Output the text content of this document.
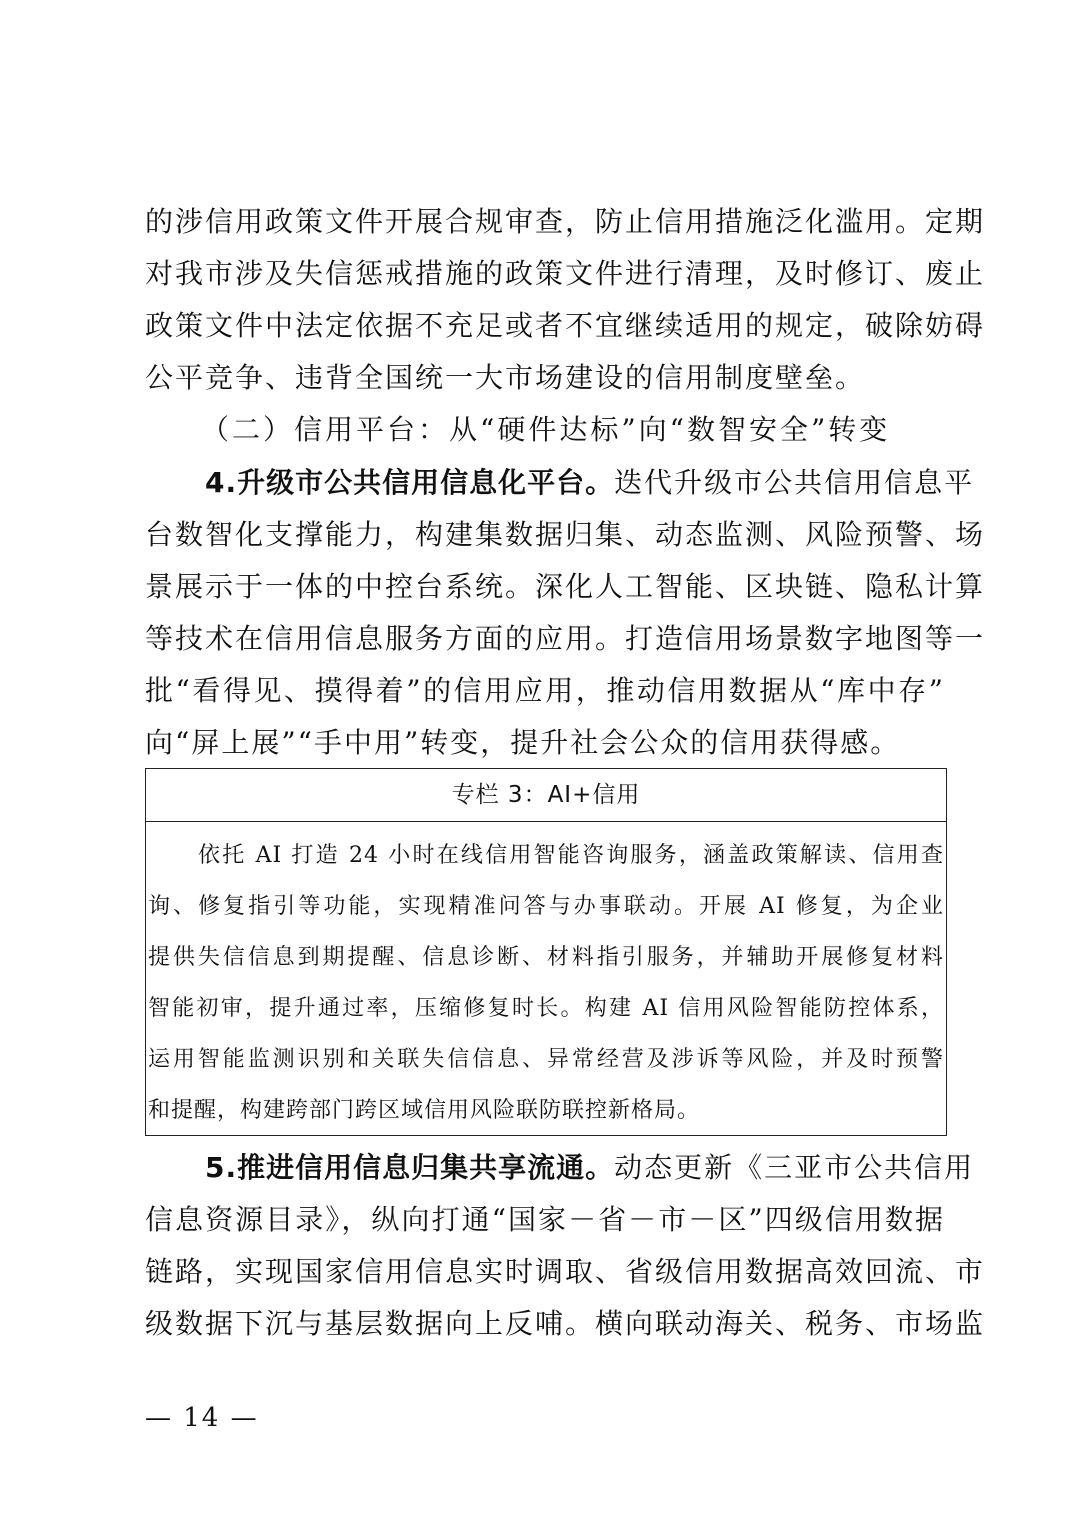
的涉信用政策文件开展合规审查，防止信用措施泛化滥用。定期
对我市涉及失信惩戒措施的政策文件进行清理，及时修订、废止
政策文件中法定依据不充足或者不宜继续适用的规定，破除妨碍
公平竞争、违背全国统一大市场建设的信用制度壁垒。
（二）信用平台：从“硬件达标”向“数智安全”转变
4.升级市公共信用信息化平台。迭代升级市公共信用信息平
台数智化支撑能力，构建集数据归集、动态监测、风险预警、场
景展示于一体的中控台系统。深化人工智能、区块链、隐私计算
等技术在信用信息服务方面的应用。打造信用场景数字地图等一
批“看得见、摸得着”的信用应用，推动信用数据从“库中存”
向“屏上展”“手中用”转变，提升社会公众的信用获得感。
专栏 3：AI+信用
依托 AI 打造 24 小时在线信用智能咨询服务，涵盖政策解读、信用查
询、修复指引等功能，实现精准问答与办事联动。开展 AI 修复，为企业
提供失信信息到期提醒、信息诊断、材料指引服务，并辅助开展修复材料
智能初审，提升通过率，压缩修复时长。构建 AI 信用风险智能防控体系，
运用智能监测识别和关联失信信息、异常经营及涉诉等风险，并及时预警
和提醒，构建跨部门跨区域信用风险联防联控新格局。
5.推进信用信息归集共享流通。动态更新《三亚市公共信用
信息资源目录》，纵向打通“国家－省－市－区”四级信用数据
链路，实现国家信用信息实时调取、省级信用数据高效回流、市
级数据下沉与基层数据向上反哺。横向联动海关、税务、市场监
— 14 —
